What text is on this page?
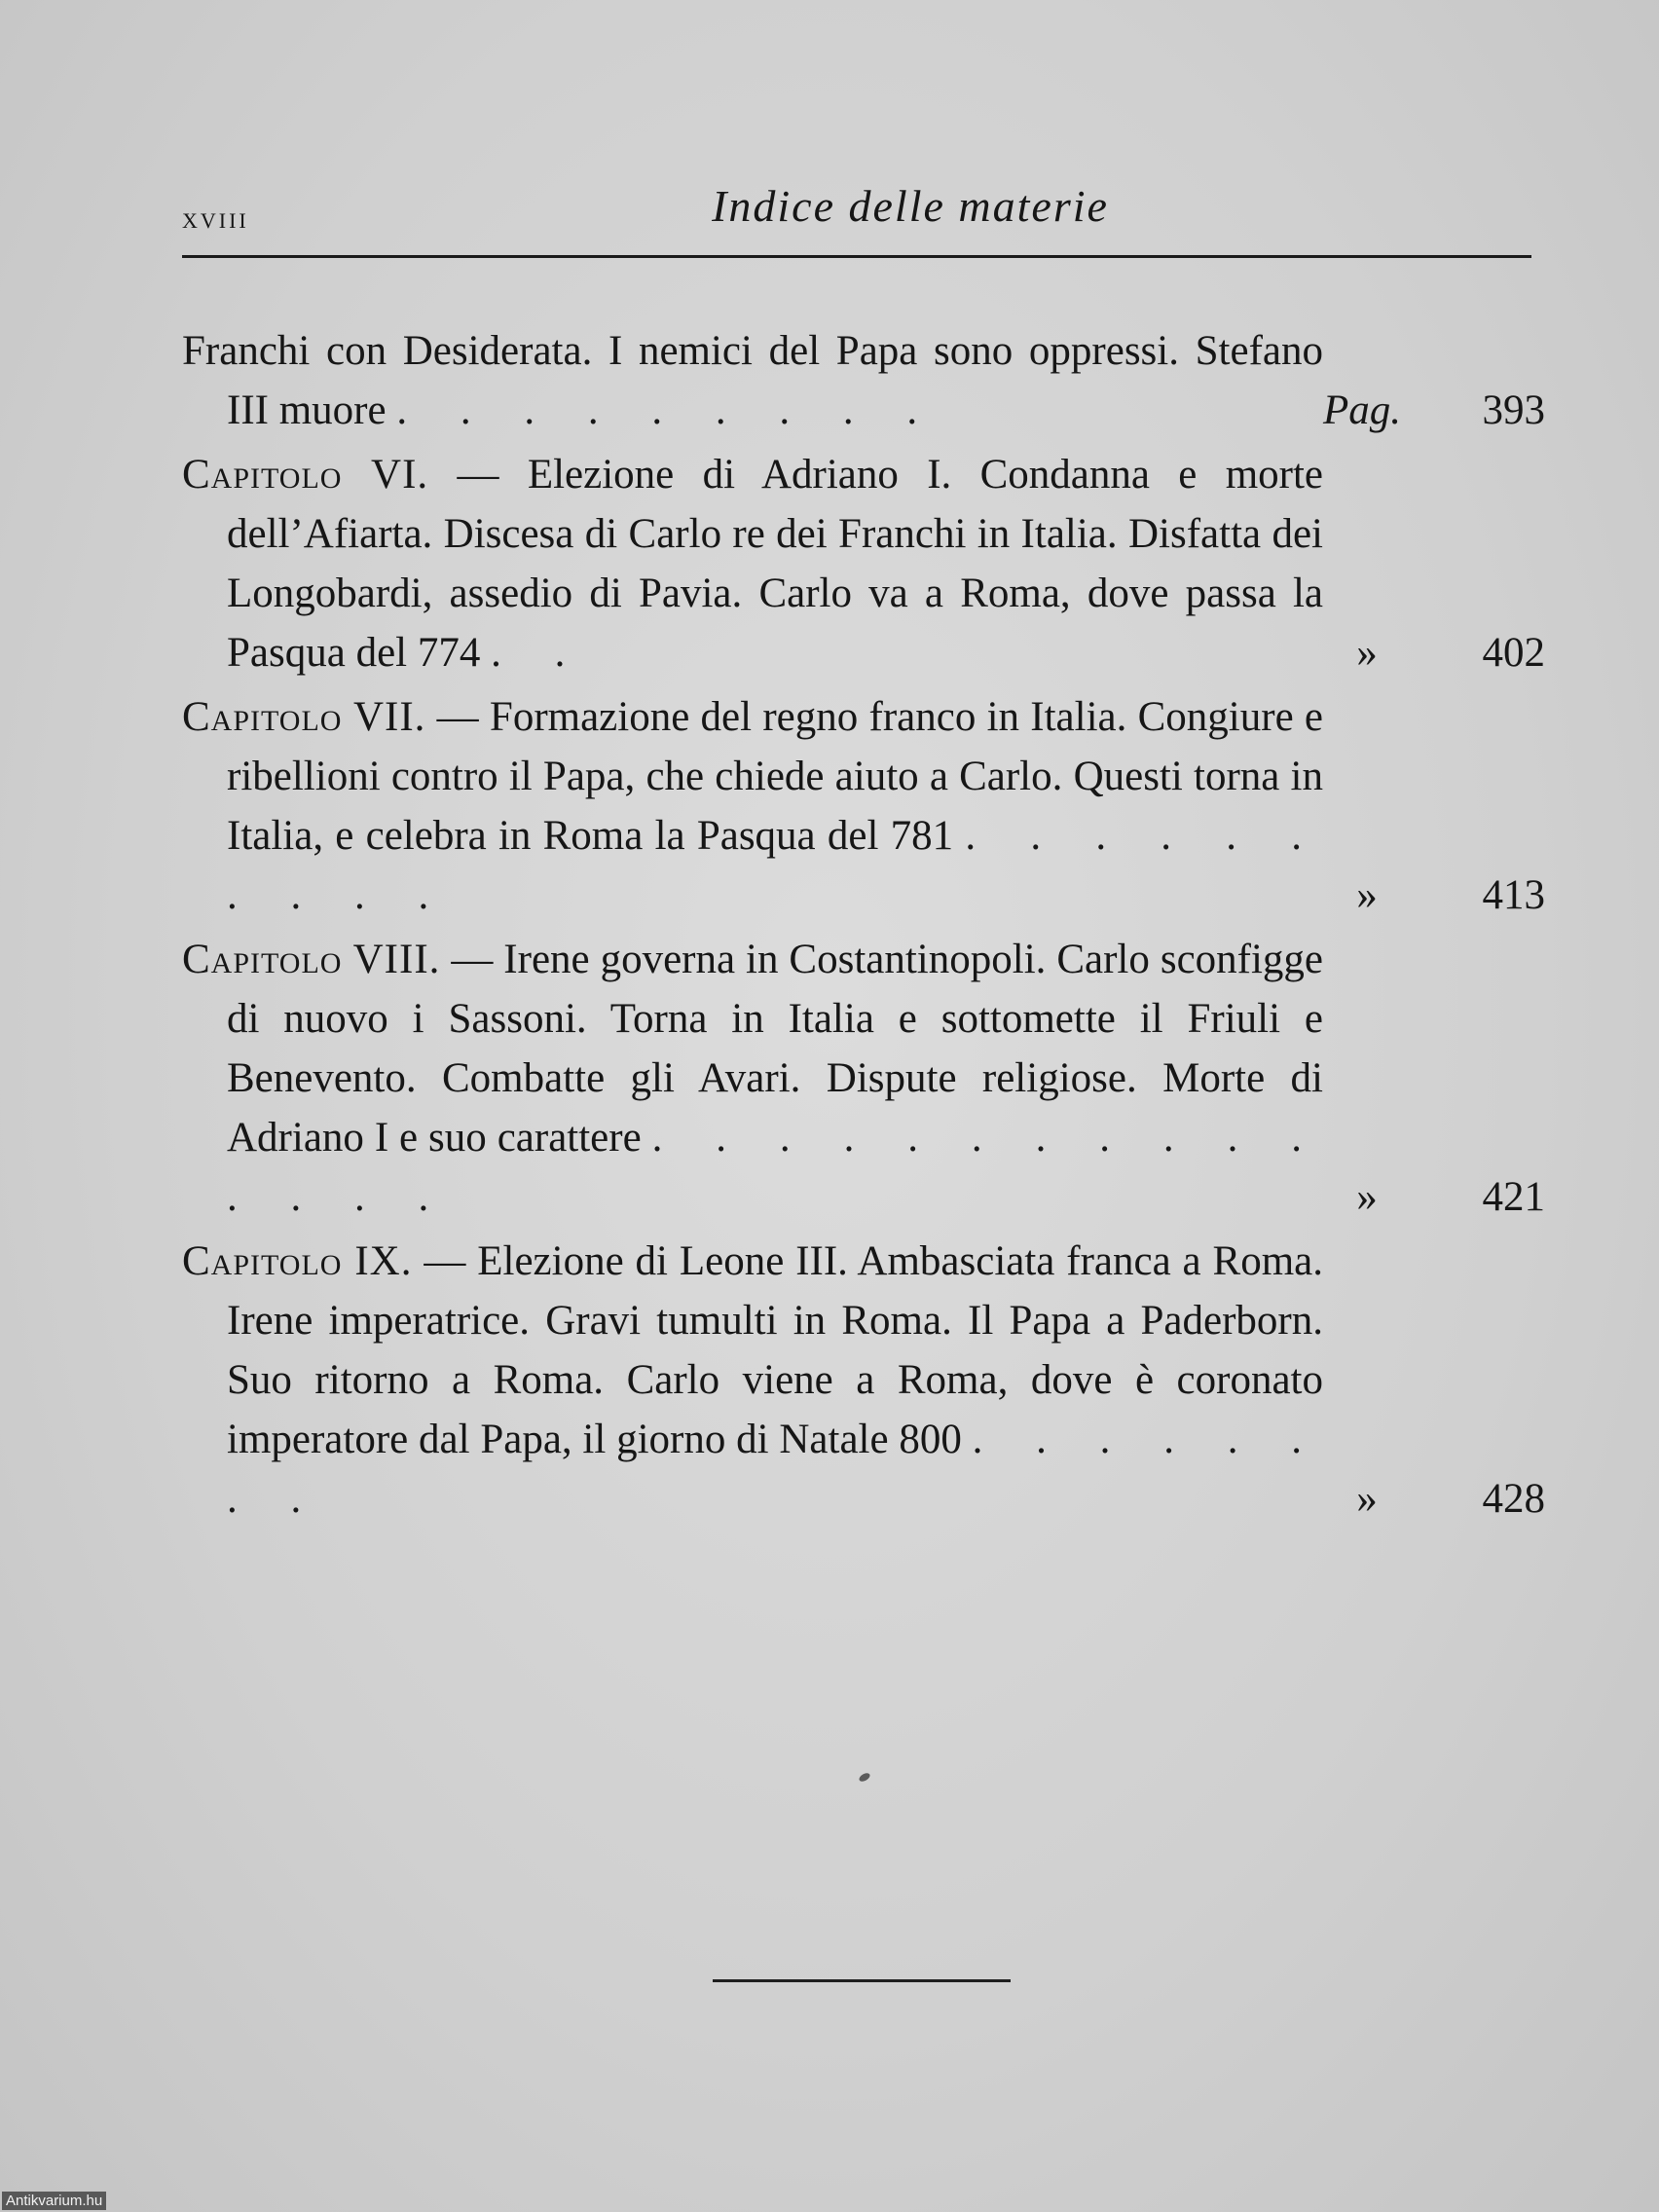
xviii	Indice delle materie
Franchi con Desiderata. I nemici del Papa sono oppressi. Stefano III muore . . . . . . . . .	Pag.	393
Capitolo VI. — Elezione di Adriano I. Condanna e morte dell’Afiarta. Discesa di Carlo re dei Franchi in Italia. Disfatta dei Longobardi, assedio di Pavia. Carlo va a Roma, dove passa la Pasqua del 774 . .	»	402
Capitolo VII. — Formazione del regno franco in Italia. Congiure e ribellioni contro il Papa, che chiede aiuto a Carlo. Questi torna in Italia, e celebra in Roma la Pasqua del 781 . . . . . . . . . .	»	413
Capitolo VIII. — Irene governa in Costantinopoli. Carlo sconfigge di nuovo i Sassoni. Torna in Italia e sottomette il Friuli e Benevento. Combatte gli Avari. Dispute religiose. Morte di Adriano I e suo carattere . . . . . . . . . . . . . . .	»	421
Capitolo IX. — Elezione di Leone III. Ambasciata franca a Roma. Irene imperatrice. Gravi tumulti in Roma. Il Papa a Paderborn. Suo ritorno a Roma. Carlo viene a Roma, dove è coronato imperatore dal Papa, il giorno di Natale 800 . . . . . . . .	»	428
Antikvarium.hu
